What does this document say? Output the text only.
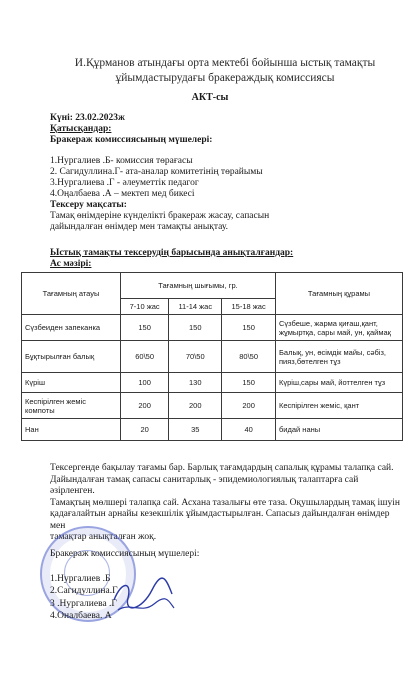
И.Құрманов атындағы орта мектебі бойынша ыстық тамақты
ұйымдастырудағы бракераждық комиссиясы
АКТ-сы
Күні: 23.02.2023ж
Қатысқандар:
Бракераж комиссиясының мүшелері:
1.Нургалиев .Б- комиссия төрағасы
2. Сагидуллина.Г- ата-аналар комитетінің төрайымы
3.Нургалиева .Г - әлеуметтік педагог
4.Оңалбаева .А – мектеп мед бикесі
Тексеру мақсаты:
Тамақ өнімдеріне күнделікті бракераж жасау, сапасын
дайындалған өнімдер мен тамақты анықтау.
Ыстық тамақты тексерудің барысында анықталғандар:
Ас мәзірі:
Тағамның атауы	Тағамның шығымы, гр.			Тағамның құрамы
	7-10 жас	11-14 жас	15-18 жас	
Сүзбеиден запеканка	150	150	150	Сүзбеше, жарма қиғаш,қант, жұмыртқа, сары май, ун, қаймақ
Бұқтырылған балық	60\50	70\50	80\50	Балық, ун, өсімдік майы, сәбіз, пияз,бөтелген тұз
Күріш	100	130	150	Күріш,сары май, йоттелген тұз
Кеспірілген жеміс компоты	200	200	200	Кеспірілген жеміс, қант
Нан	20	35	40	бидай наны
Тексергенде бақылау тағамы бар. Барлық тағамдардың сапалық құрамы талапқа сай.
Дайындалған тамақ сапасы санитарлық - эпидемиологиялық талаптарға сай әзірленген.
Тамақтың мөлшері талапқа сай. Асхана тазалығы өте таза. Оқушылардың тамақ ішуін
қадағалайтын арнайы кезекшілік ұйымдастырылған. Сапасыз дайындалған өнімдер мен
тамақтар анықталған жоқ.
Бракераж комиссиясының мүшелері:
1.Нургалиев .Б
2.Сагидуллина.Г
3 .Нургалиева .Г
4.Оналбаева. А
